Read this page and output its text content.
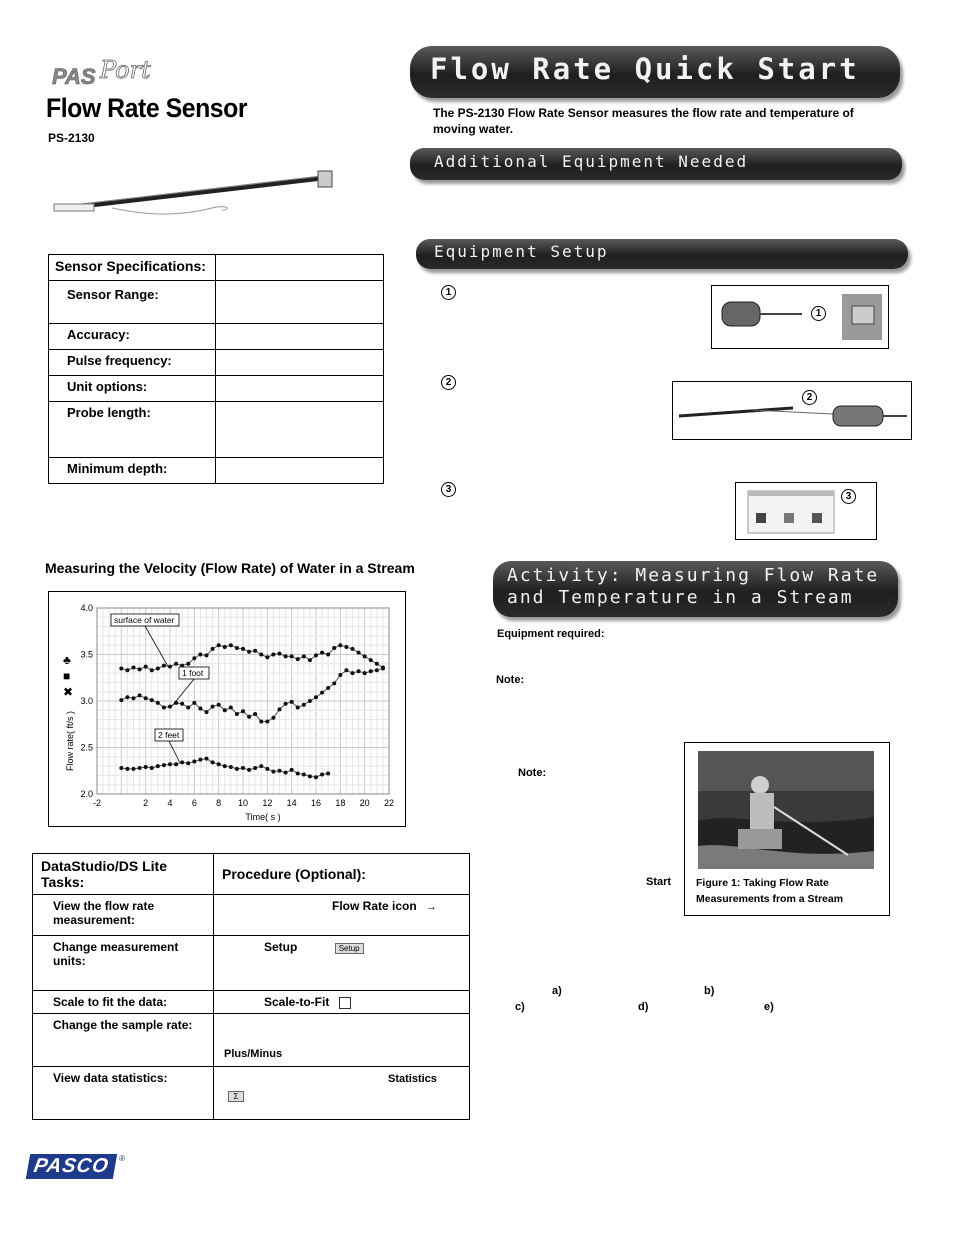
PAS Port
Flow Rate Sensor
PS-2130
Sensor Specifications:	
Sensor Range:	
Accuracy:	
Pulse frequency:	
Unit options:	
Probe length:	
Minimum depth:	
Measuring the Velocity (Flow Rate) of Water in a Stream
-2	2 4 6 8 10 12 14 16 18 20 22
4.0
3.5
3.0
2.5
2.0
Time( s )
Flow rate( ft/s )
♣
■
✖
surface of water
1 foot
2 feet
DataStudio/DS Lite Tasks:	Procedure (Optional):
View the flow rate measurement:	Flow Rate icon →
Change measurement units:	Setup Setup
Scale to fit the data:	Scale-to-Fit
Change the sample rate:	Plus/Minus
View data statistics:	Statistics
Σ
PASCO ®
Flow Rate Quick Start
The PS-2130 Flow Rate Sensor measures the flow rate and temperature of moving water.
Additional Equipment Needed
Equipment Setup
1
2
3
1
2
3
Activity: Measuring Flow Rate
and Temperature in a Stream
Equipment required:
Note:
Note:
Start Figure 1: Taking Flow Rate Measurements from a Stream
a)	b)
c)	d)	e)
